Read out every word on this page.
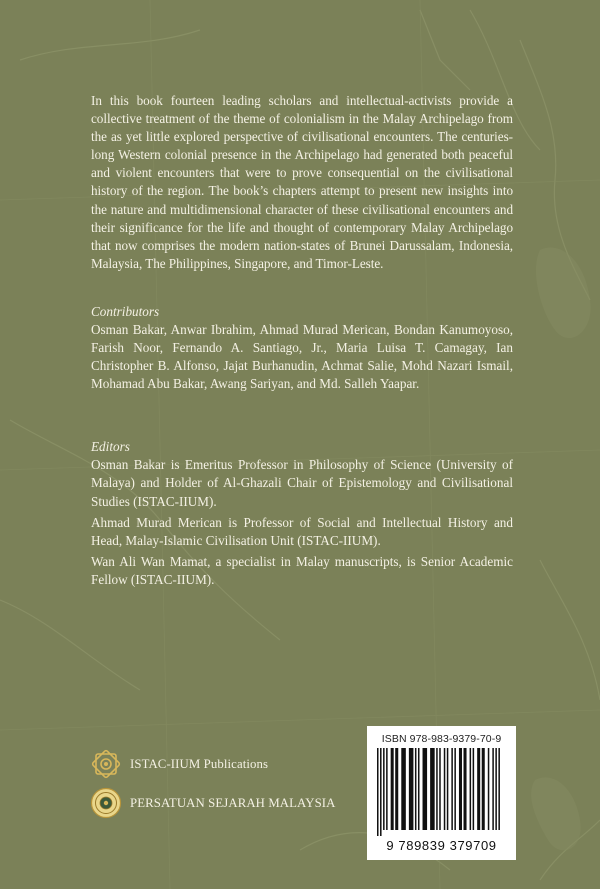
In this book fourteen leading scholars and intellectual-activists provide a collective treatment of the theme of colonialism in the Malay Archipelago from the as yet little explored perspective of civilisational encounters. The centuries-long Western colonial presence in the Archipelago had generated both peaceful and violent encounters that were to prove consequential on the civilisational history of the region. The book’s chapters attempt to present new insights into the nature and multidimensional character of these civilisational encounters and their significance for the life and thought of contemporary Malay Archipelago that now comprises the modern nation-states of Brunei Darussalam, Indonesia, Malaysia, The Philippines, Singapore, and Timor-Leste.

Contributors

Osman Bakar, Anwar Ibrahim, Ahmad Murad Merican, Bondan Kanumoyoso, Farish Noor, Fernando A. Santiago, Jr., Maria Luisa T. Camagay, Ian Christopher B. Alfonso, Jajat Burhanudin, Achmat Salie, Mohd Nazari Ismail, Mohamad Abu Bakar, Awang Sariyan, and Md. Salleh Yaapar.

Editors

Osman Bakar is Emeritus Professor in Philosophy of Science (University of Malaya) and Holder of Al-Ghazali Chair of Epistemology and Civilisational Studies (ISTAC-IIUM).

Ahmad Murad Merican is Professor of Social and Intellectual History and Head, Malay-Islamic Civilisation Unit (ISTAC-IIUM).

Wan Ali Wan Mamat, a specialist in Malay manuscripts, is Senior Academic Fellow (ISTAC-IIUM).

ISTAC-IIUM Publications
PERSATUAN SEJARAH MALAYSIA
ISBN 978-983-9379-70-9
9 789839 379709
